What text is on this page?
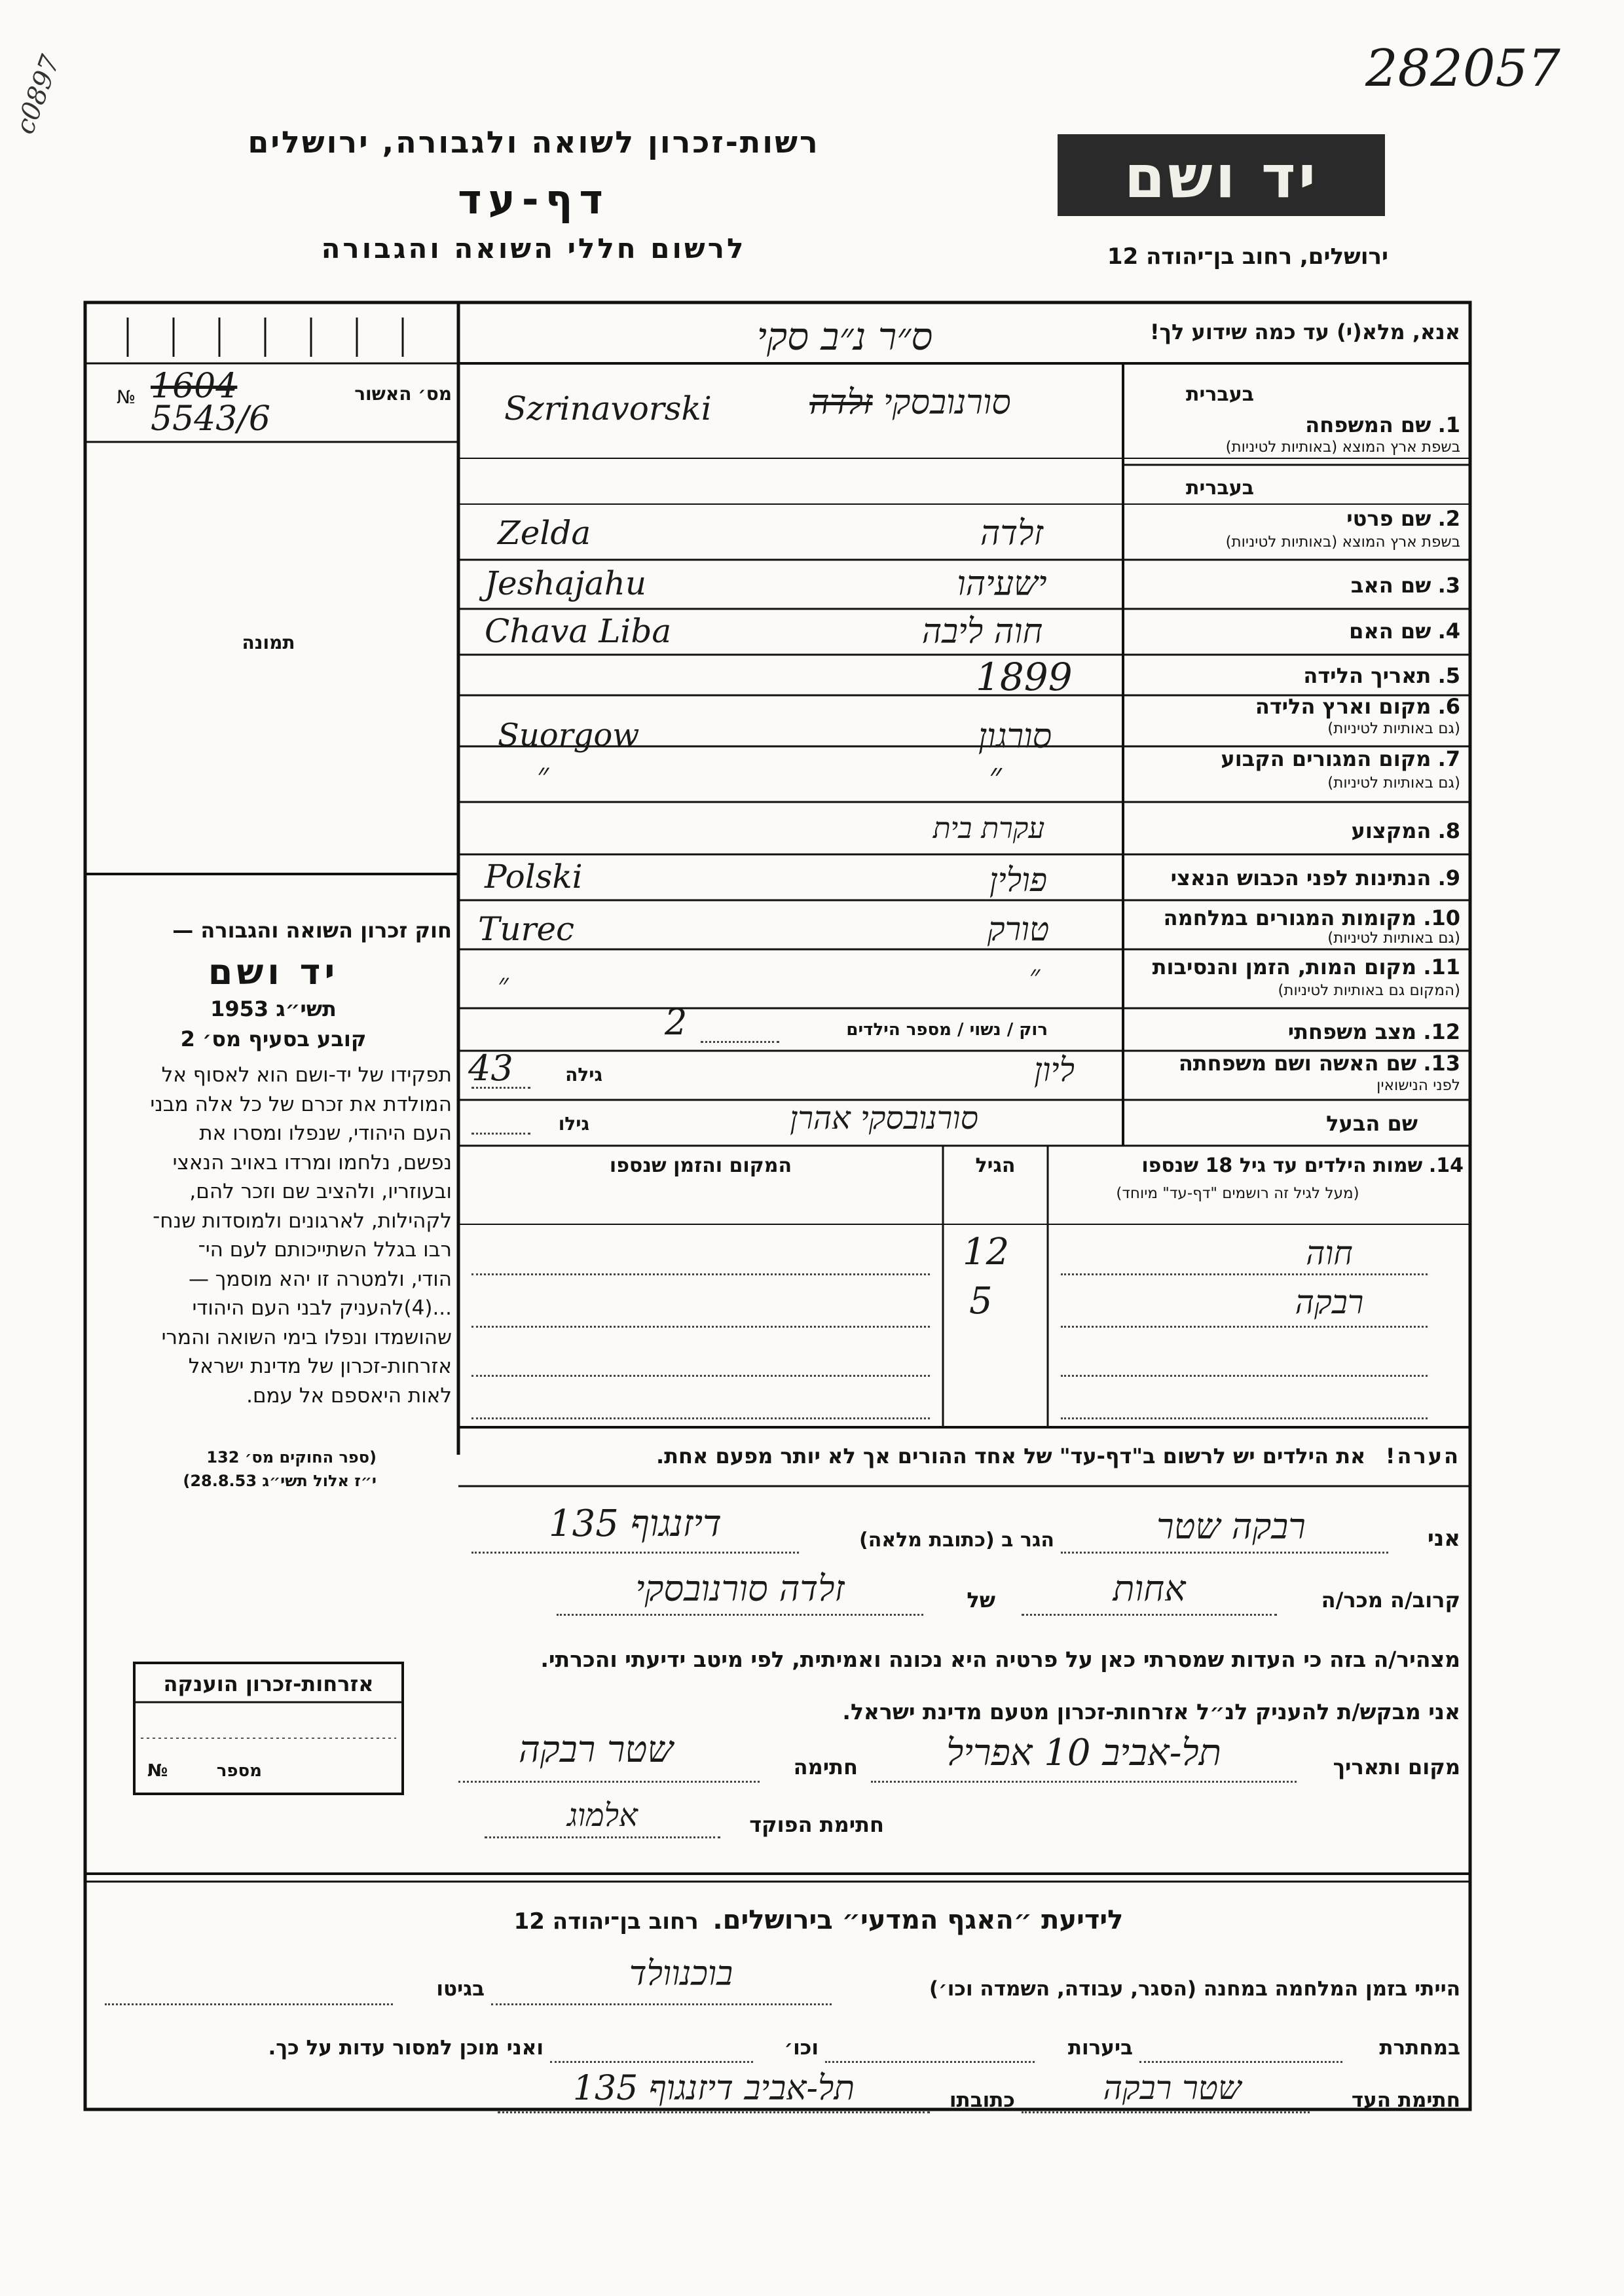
282057
c0897
יד ושם
רשות-זכרון לשואה ולגבורה, ירושלים
דף-עד
לרשום חללי השואה והגבורה	ירושלים, רחוב בן־יהודה 12
מס׳ האשור
№ 1604
5543/6
תמונה
חוק זכרון השואה והגבורה —
יד ושם
תשי״ג 1953
קובע בסעיף מס׳ 2
תפקידו של יד-ושם הוא לאסוף אל
המולדת את זכרם של כל אלה מבני
העם היהודי, שנפלו ומסרו את
נפשם, נלחמו ומרדו באויב הנאצי
ובעוזריו, ולהציב שם וזכר להם,
לקהילות, לארגונים ולמוסדות שנח־
רבו בגלל השתייכותם לעם הי־
הודי, ולמטרה זו יהא מוסמך —
...(4)להעניק לבני העם היהודי
שהושמדו ונפלו בימי השואה והמרי
אזרחות-זכרון של מדינת ישראל
לאות היאספם אל עמם.
(ספר החוקים מס׳ 132
י״ז אלול תשי״ג 28.8.53)
אזרחות-זכרון הוענקה
מספר
№
אנא, מלא(י) עד כמה שידוע לך!
ס״ר נ״ב סקי
בעברית
1. שם המשפחה
בשפת ארץ המוצא (באותיות לטיניות)
סורנובסקי זלדה
Szrinavorski
בעברית
2. שם פרטי
בשפת ארץ המוצא (באותיות לטיניות)
זלדה
Zelda
3. שם האב
ישעיהו
Jeshajahu
4. שם האם
חוה ליבה
Chava Liba
5. תאריך הלידה
1899
6. מקום וארץ הלידה
(גם באותיות לטיניות)
סורגון
Suorgow
7. מקום המגורים הקבוע
(גם באותיות לטיניות)
״
״
8. המקצוע
עקרת בית
9. הנתינות לפני הכבוש הנאצי
פולין
Polski
10. מקומות המגורים במלחמה
(גם באותיות לטיניות)
טורק
Turec
11. מקום המות, הזמן והנסיבות
(המקום גם באותיות לטיניות)
״
״
12. מצב משפחתי
רוק / נשוי / מספר הילדים
2
13. שם האשה ושם משפחתה
לפני הנישואין
ליון
גילה
43
שם הבעל
סורנובסקי אהרן
גילו
14. שמות הילדים עד גיל 18 שנספו
(מעל לגיל זה רושמים "דף-עד" מיוחד)
הגיל
המקום והזמן שנספו
חוה
12
רבקה
5
הערה!   את הילדים יש לרשום ב"דף-עד" של אחד ההורים אך לא יותר מפעם אחת.
אני
רבקה שטר
הגר ב (כתובת מלאה)
דיזנגוף 135
קרוב/ה מכר/ה
אחות
של
זלדה סורנובסקי
מצהיר/ה בזה כי העדות שמסרתי כאן על פרטיה היא נכונה ואמיתית, לפי מיטב ידיעתי והכרתי.
אני מבקש/ת להעניק לנ״ל אזרחות-זכרון מטעם מדינת ישראל.
מקום ותאריך
תל-אביב 10 אפריל
חתימה
שטר רבקה
חתימת הפוקד
אלמוג
לידיעת ״האגף המדעי״ בירושלים.  רחוב בן־יהודה 12
הייתי בזמן המלחמה במחנה (הסגר, עבודה, השמדה וכו׳)
בוכנוולד
בגיטו
במחתרת
ביערות
וכו׳
ואני מוכן למסור עדות על כך.
חתימת העד
שטר רבקה
כתובתו
תל-אביב דיזנגוף 135
